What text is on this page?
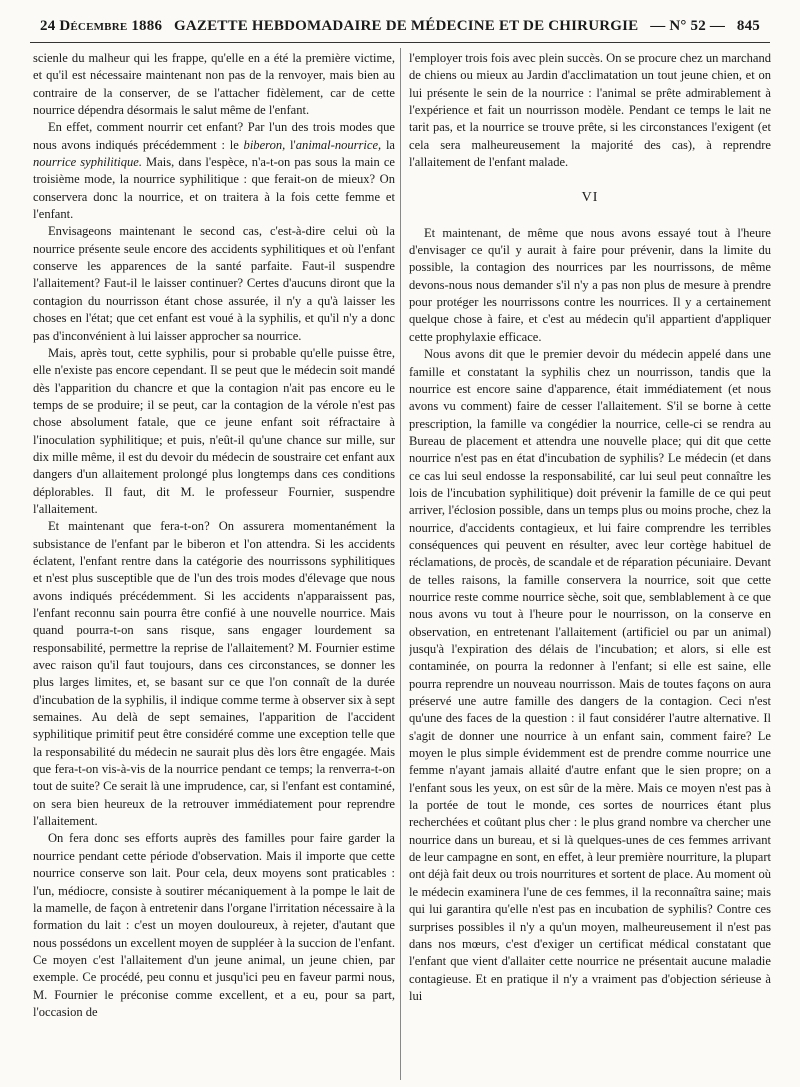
24 Décembre 1886 GAZETTE HEBDOMADAIRE DE MÉDECINE ET DE CHIRURGIE — N° 52 — 845

scienle du malheur qui les frappe, qu'elle en a été la première victime, et qu'il est nécessaire maintenant non pas de la renvoyer, mais bien au contraire de la conserver, de se l'attacher fidèlement, car de cette nourrice dépendra désormais le salut même de l'enfant.

En effet, comment nourrir cet enfant? Par l'un des trois modes que nous avons indiqués précédemment : le biberon, l'animal-nourrice, la nourrice syphilitique. Mais, dans l'espèce, n'a-t-on pas sous la main ce troisième mode, la nourrice syphilitique : que ferait-on de mieux? On conservera donc la nourrice, et on traitera à la fois cette femme et l'enfant.

Envisageons maintenant le second cas, c'est-à-dire celui où la nourrice présente seule encore des accidents syphilitiques et où l'enfant conserve les apparences de la santé parfaite. Faut-il suspendre l'allaitement? Faut-il le laisser continuer? Certes d'aucuns diront que la contagion du nourrisson étant chose assurée, il n'y a qu'à laisser les choses en l'état; que cet enfant est voué à la syphilis, et qu'il n'y a donc pas d'inconvénient à lui laisser approcher sa nourrice.

Mais, après tout, cette syphilis, pour si probable qu'elle puisse être, elle n'existe pas encore cependant. Il se peut que le médecin soit mandé dès l'apparition du chancre et que la contagion n'ait pas encore eu le temps de se produire; il se peut, car la contagion de la vérole n'est pas chose absolument fatale, que ce jeune enfant soit réfractaire à l'inoculation syphilitique; et puis, n'eût-il qu'une chance sur mille, sur dix mille même, il est du devoir du médecin de soustraire cet enfant aux dangers d'un allaitement prolongé plus longtemps dans ces conditions déplorables. Il faut, dit M. le professeur Fournier, suspendre l'allaitement.

Et maintenant que fera-t-on? On assurera momentanément la subsistance de l'enfant par le biberon et l'on attendra. Si les accidents éclatent, l'enfant rentre dans la catégorie des nourrissons syphilitiques et n'est plus susceptible que de l'un des trois modes d'élevage que nous avons indiqués précédemment. Si les accidents n'apparaissent pas, l'enfant reconnu sain pourra être confié à une nouvelle nourrice. Mais quand pourra-t-on sans risque, sans engager lourdement sa responsabilité, permettre la reprise de l'allaitement? M. Fournier estime avec raison qu'il faut toujours, dans ces circonstances, se donner les plus larges limites, et, se basant sur ce que l'on connaît de la durée d'incubation de la syphilis, il indique comme terme à observer six à sept semaines. Au delà de sept semaines, l'apparition de l'accident syphilitique primitif peut être considéré comme une exception telle que la responsabilité du médecin ne saurait plus dès lors être engagée. Mais que fera-t-on vis-à-vis de la nourrice pendant ce temps; la renverra-t-on tout de suite? Ce serait là une imprudence, car, si l'enfant est contaminé, on sera bien heureux de la retrouver immédiatement pour reprendre l'allaitement.

On fera donc ses efforts auprès des familles pour faire garder la nourrice pendant cette période d'observation. Mais il importe que cette nourrice conserve son lait. Pour cela, deux moyens sont praticables : l'un, médiocre, consiste à soutirer mécaniquement à la pompe le lait de la mamelle, de façon à entretenir dans l'organe l'irritation nécessaire à la formation du lait : c'est un moyen douloureux, à rejeter, d'autant que nous possédons un excellent moyen de suppléer à la succion de l'enfant. Ce moyen c'est l'allaitement d'un jeune animal, un jeune chien, par exemple. Ce procédé, peu connu et jusqu'ici peu en faveur parmi nous, M. Fournier le préconise comme excellent, et a eu, pour sa part, l'occasion de

l'employer trois fois avec plein succès. On se procure chez un marchand de chiens ou mieux au Jardin d'acclimatation un tout jeune chien, et on lui présente le sein de la nourrice : l'animal se prête admirablement à l'expérience et fait un nourrisson modèle. Pendant ce temps le lait ne tarit pas, et la nourrice se trouve prête, si les circonstances l'exigent (et cela sera malheureusement la majorité des cas), à reprendre l'allaitement de l'enfant malade.

VI

Et maintenant, de même que nous avons essayé tout à l'heure d'envisager ce qu'il y aurait à faire pour prévenir, dans la limite du possible, la contagion des nourrices par les nourrissons, de même devons-nous nous demander s'il n'y a pas non plus de mesure à prendre pour protéger les nourrissons contre les nourrices. Il y a certainement quelque chose à faire, et c'est au médecin qu'il appartient d'appliquer cette prophylaxie efficace.

Nous avons dit que le premier devoir du médecin appelé dans une famille et constatant la syphilis chez un nourrisson, tandis que la nourrice est encore saine d'apparence, était immédiatement (et nous avons vu comment) faire de cesser l'allaitement. S'il se borne à cette prescription, la famille va congédier la nourrice, celle-ci se rendra au Bureau de placement et attendra une nouvelle place; qui dit que cette nourrice n'est pas en état d'incubation de syphilis? Le médecin (et dans ce cas lui seul endosse la responsabilité, car lui seul peut connaître les lois de l'incubation syphilitique) doit prévenir la famille de ce qui peut arriver, l'éclosion possible, dans un temps plus ou moins proche, chez la nourrice, d'accidents contagieux, et lui faire comprendre les terribles conséquences qui peuvent en résulter, avec leur cortège habituel de réclamations, de procès, de scandale et de réparation pécuniaire. Devant de telles raisons, la famille conservera la nourrice, soit que cette nourrice reste comme nourrice sèche, soit que, semblablement à ce que nous avons vu tout à l'heure pour le nourrisson, on la conserve en observation, en entretenant l'allaitement (artificiel ou par un animal) jusqu'à l'expiration des délais de l'incubation; et alors, si elle est contaminée, on pourra la redonner à l'enfant; si elle est saine, elle pourra reprendre un nouveau nourrisson. Mais de toutes façons on aura préservé une autre famille des dangers de la contagion. Ceci n'est qu'une des faces de la question : il faut considérer l'autre alternative. Il s'agit de donner une nourrice à un enfant sain, comment faire? Le moyen le plus simple évidemment est de prendre comme nourrice une femme n'ayant jamais allaité d'autre enfant que le sien propre; on a l'enfant sous les yeux, on est sûr de la mère. Mais ce moyen n'est pas à la portée de tout le monde, ces sortes de nourrices étant plus recherchées et coûtant plus cher : le plus grand nombre va chercher une nourrice dans un bureau, et si là quelques-unes de ces femmes arrivant de leur campagne en sont, en effet, à leur première nourriture, la plupart ont déjà fait deux ou trois nourritures et sortent de place. Au moment où le médecin examinera l'une de ces femmes, il la reconnaîtra saine; mais qui lui garantira qu'elle n'est pas en incubation de syphilis? Contre ces surprises possibles il n'y a qu'un moyen, malheureusement il n'est pas dans nos mœurs, c'est d'exiger un certificat médical constatant que l'enfant que vient d'allaiter cette nourrice ne présentait aucune maladie contagieuse. Et en pratique il n'y a vraiment pas d'objection sérieuse à lui
